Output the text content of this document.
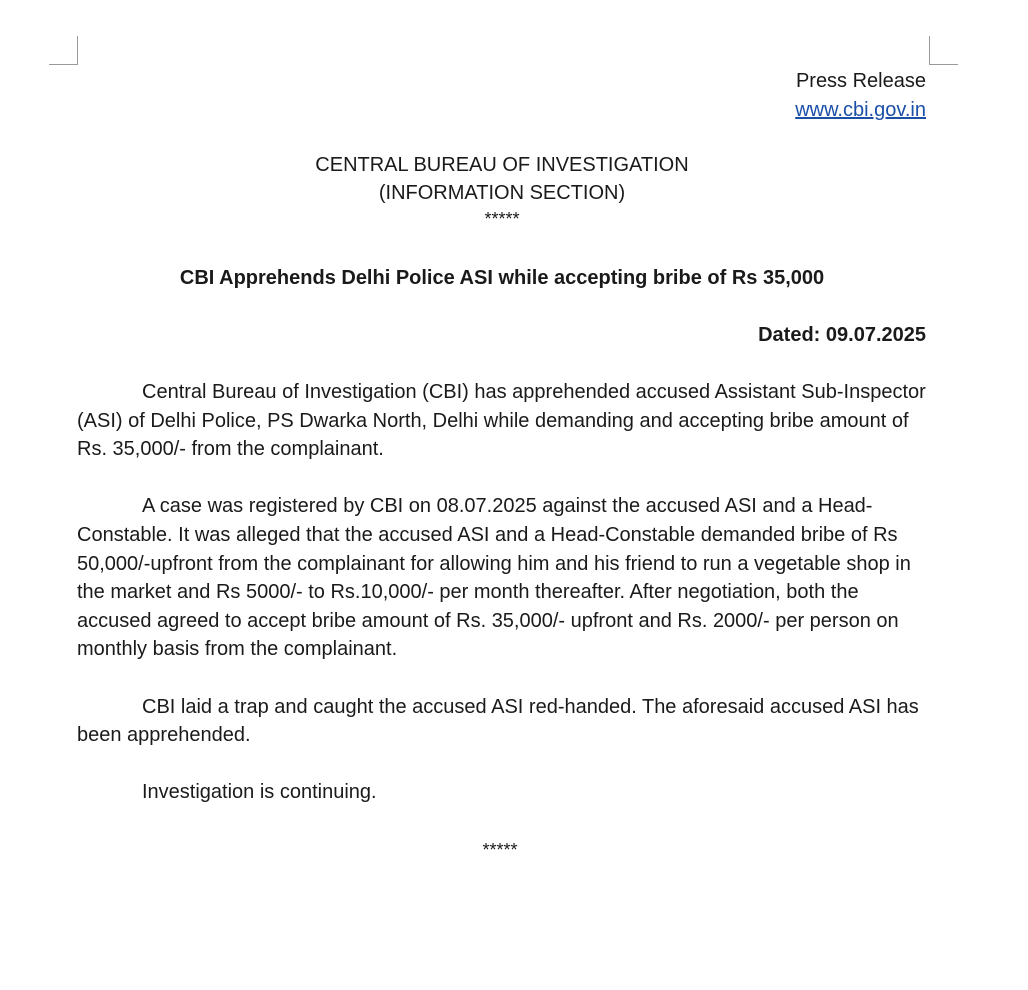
Press Release
www.cbi.gov.in
CENTRAL BUREAU OF INVESTIGATION
(INFORMATION SECTION)
*****
CBI Apprehends Delhi Police ASI while accepting bribe of Rs 35,000
Dated: 09.07.2025

Central Bureau of Investigation (CBI) has apprehended accused Assistant Sub-Inspector (ASI) of Delhi Police, PS Dwarka North, Delhi while demanding and accepting bribe amount of Rs. 35,000/- from the complainant.

A case was registered by CBI on 08.07.2025 against the accused ASI and a Head-Constable. It was alleged that the accused ASI and a Head-Constable demanded bribe of Rs 50,000/-upfront from the complainant for allowing him and his friend to run a vegetable shop in the market and Rs 5000/- to Rs.10,000/- per month thereafter. After negotiation, both the accused agreed to accept bribe amount of Rs. 35,000/- upfront and Rs. 2000/- per person on monthly basis from the complainant.

CBI laid a trap and caught the accused ASI red-handed. The aforesaid accused ASI has been apprehended.

Investigation is continuing.

*****
